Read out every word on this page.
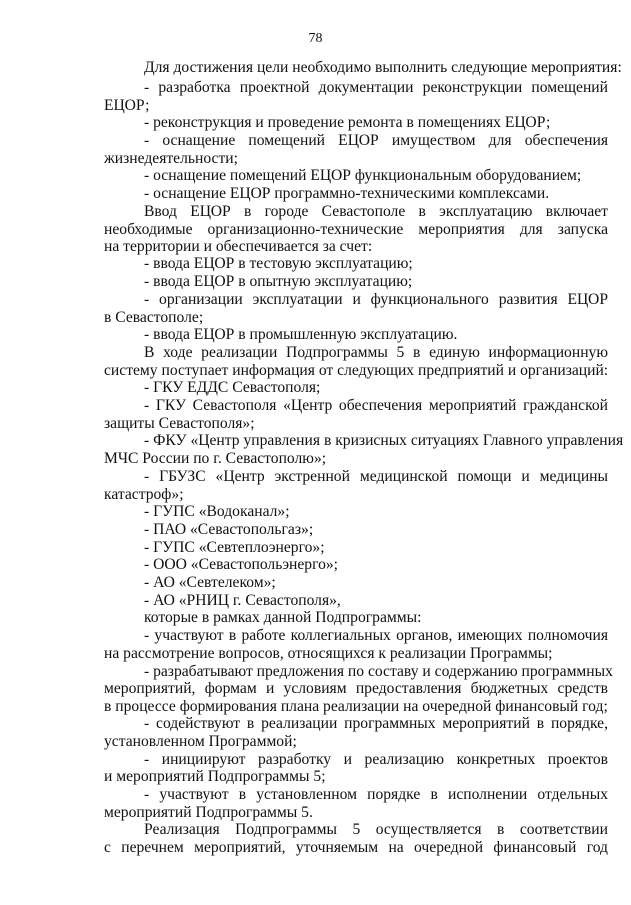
78
Для достижения цели необходимо выполнить следующие мероприятия:
- разработка проектной документации реконструкции помещений
ЕЦОР;
- реконструкция и проведение ремонта в помещениях ЕЦОР;
- оснащение помещений ЕЦОР имуществом для обеспечения
жизнедеятельности;
- оснащение помещений ЕЦОР функциональным оборудованием;
- оснащение ЕЦОР программно-техническими комплексами.
Ввод ЕЦОР в городе Севастополе в эксплуатацию включает
необходимые организационно-технические мероприятия для запуска
на территории и обеспечивается за счет:
- ввода ЕЦОР в тестовую эксплуатацию;
- ввода ЕЦОР в опытную эксплуатацию;
- организации эксплуатации и функционального развития ЕЦОР
в Севастополе;
- ввода ЕЦОР в промышленную эксплуатацию.
В ходе реализации Подпрограммы 5 в единую информационную
систему поступает информация от следующих предприятий и организаций:
- ГКУ ЕДДС Севастополя;
- ГКУ Севастополя «Центр обеспечения мероприятий гражданской
защиты Севастополя»;
- ФКУ «Центр управления в кризисных ситуациях Главного управления
МЧС России по г. Севастополю»;
- ГБУЗС «Центр экстренной медицинской помощи и медицины
катастроф»;
- ГУПС «Водоканал»;
- ПАО «Севастопольгаз»;
- ГУПС «Севтеплоэнерго»;
- ООО «Севастопольэнерго»;
- АО «Севтелеком»;
- АО «РНИЦ г. Севастополя»,
которые в рамках данной Подпрограммы:
- участвуют в работе коллегиальных органов, имеющих полномочия
на рассмотрение вопросов, относящихся к реализации Программы;
- разрабатывают предложения по составу и содержанию программных
мероприятий, формам и условиям предоставления бюджетных средств
в процессе формирования плана реализации на очередной финансовый год;
- содействуют в реализации программных мероприятий в порядке,
установленном Программой;
- инициируют разработку и реализацию конкретных проектов
и мероприятий Подпрограммы 5;
- участвуют в установленном порядке в исполнении отдельных
мероприятий Подпрограммы 5.
Реализация Подпрограммы 5 осуществляется в соответствии
с перечнем мероприятий, уточняемым на очередной финансовый год
